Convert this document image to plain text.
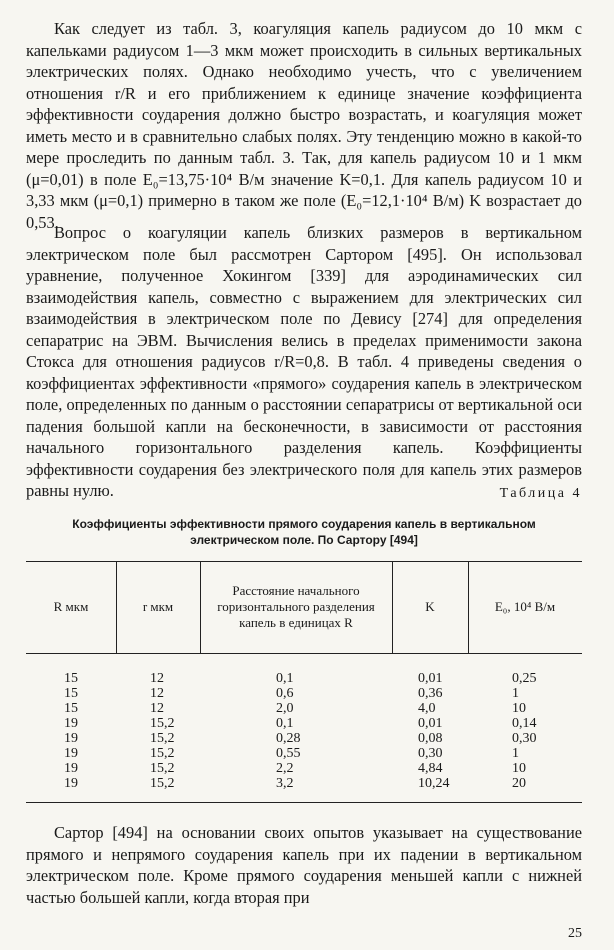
Как следует из табл. 3, коагуляция капель радиусом до 10 мкм с капельками радиусом 1—3 мкм может происходить в сильных вертикальных электрических полях. Однако необходимо учесть, что с увеличением отношения r/R и его приближением к единице значение коэффициента эффективности соударения должно быстро возрастать, и коагуляция может иметь место и в сравнительно слабых полях. Эту тенденцию можно в какой-то мере проследить по данным табл. 3. Так, для капель радиусом 10 и 1 мкм (μ=0,01) в поле E₀=13,75·10⁴ В/м значение K=0,1. Для капель радиусом 10 и 3,33 мкм (μ=0,1) примерно в таком же поле (E₀=12,1·10⁴ В/м) K возрастает до 0,53.

Вопрос о коагуляции капель близких размеров в вертикальном электрическом поле был рассмотрен Сартором [495]. Он использовал уравнение, полученное Хокингом [339] для аэродинамических сил взаимодействия капель, совместно с выражением для электрических сил взаимодействия в электрическом поле по Девису [274] для определения сепаратрис на ЭВМ. Вычисления велись в пределах применимости закона Стокса для отношения радиусов r/R=0,8. В табл. 4 приведены сведения о коэффициентах эффективности «прямого» соударения капель в электрическом поле, определенных по данным о расстоянии сепаратрисы от вертикальной оси падения большой капли на бесконечности, в зависимости от расстояния начального горизонтального разделения капель. Коэффициенты эффективности соударения без электрического поля для капель этих размеров равны нулю.	Таблица 4
Коэффициенты эффективности прямого соударения капель в вертикальном электрическом поле. По Сартору [494]
R мкм	r мкм
Расстояние начального горизонтального разделения капель в единицах R
K	E₀, 10⁴ В/м
15	12	0,1	0,01	0,25
15	12	0,6	0,36	1
15	12	2,0	4,0	10
19	15,2	0,1	0,01	0,14
19	15,2	0,28	0,08	0,30
19	15,2	0,55	0,30	1
19	15,2	2,2	4,84	10
19	15,2	3,2	10,24	20

Сартор [494] на основании своих опытов указывает на существование прямого и непрямого соударения капель при их падении в вертикальном электрическом поле. Кроме прямого соударения меньшей капли с нижней частью большей капли, когда вторая при

25
